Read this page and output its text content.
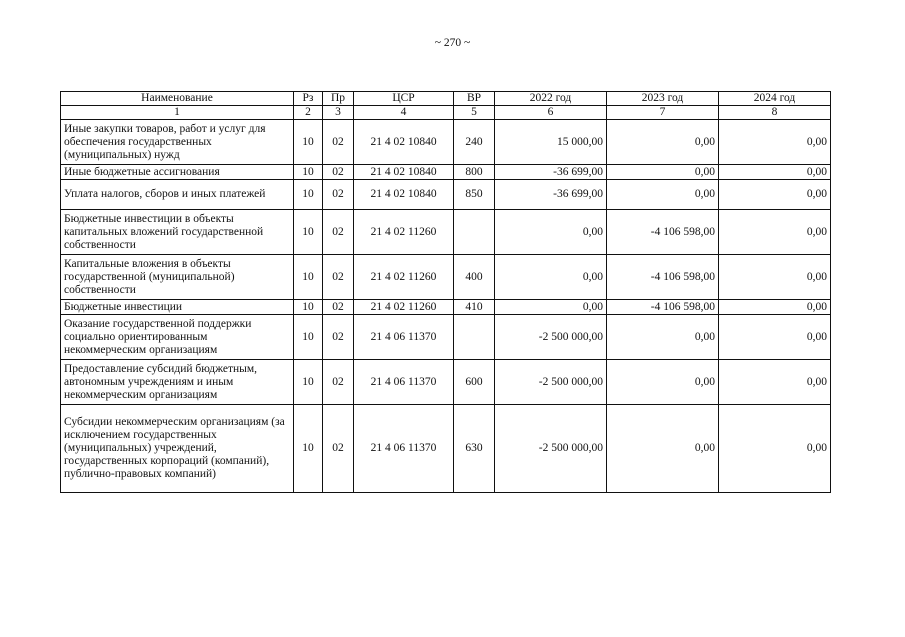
~ 270 ~
Наименование	Рз	Пр	ЦСР	ВР	2022 год	2023 год	2024 год
1	2	3	4	5	6	7	8
Иные закупки товаров, работ и услуг для обеспечения государственных (муниципальных) нужд	10	02	21 4 02 10840	240	15 000,00	0,00	0,00
Иные бюджетные ассигнования	10	02	21 4 02 10840	800	-36 699,00	0,00	0,00
Уплата налогов, сборов и иных платежей	10	02	21 4 02 10840	850	-36 699,00	0,00	0,00
Бюджетные инвестиции в объекты капитальных вложений государственной собственности	10	02	21 4 02 11260		0,00	-4 106 598,00	0,00
Капитальные вложения в объекты государственной (муниципальной) собственности	10	02	21 4 02 11260	400	0,00	-4 106 598,00	0,00
Бюджетные инвестиции	10	02	21 4 02 11260	410	0,00	-4 106 598,00	0,00
Оказание государственной поддержки социально ориентированным некоммерческим организациям	10	02	21 4 06 11370		-2 500 000,00	0,00	0,00
Предоставление субсидий бюджетным, автономным учреждениям и иным некоммерческим организациям	10	02	21 4 06 11370	600	-2 500 000,00	0,00	0,00
Субсидии некоммерческим организациям (за исключением государственных (муниципальных) учреждений, государственных корпораций (компаний), публично-правовых компаний)	10	02	21 4 06 11370	630	-2 500 000,00	0,00	0,00
